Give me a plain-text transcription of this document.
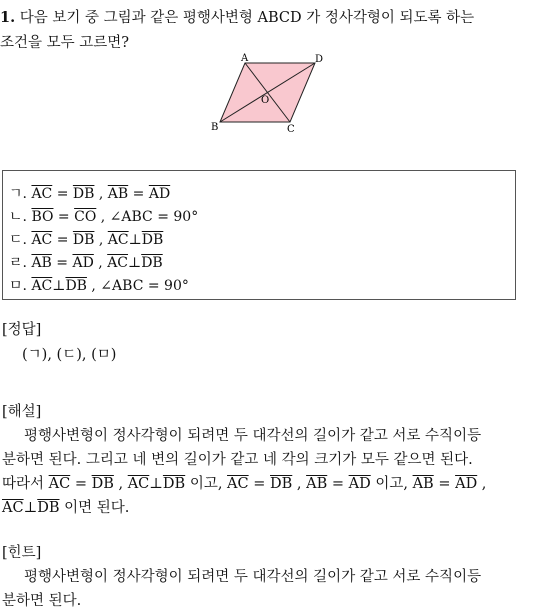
1. 다음 보기 중 그림과 같은 평행사변형 ABCD 가 정사각형이 되도록 하는
조건을 모두 고르면?
A	D
B	C
O
ㄱ. $\overline{AC} = \overline{DB}$ , $\overline{AB} = \overline{AD}$
ㄴ. $\overline{BO} = \overline{CO}$ , ∠ABC = 90°
ㄷ. $\overline{AC} = \overline{DB}$ , $\overline{AC}\perp\overline{DB}$
ㄹ. $\overline{AB} = \overline{AD}$ , $\overline{AC}\perp\overline{DB}$
ㅁ. $\overline{AC}\perp\overline{DB}$ , ∠ABC = 90°
[정답]
(ㄱ), (ㄷ), (ㅁ)
[해설]
평행사변형이 정사각형이 되려면 두 대각선의 길이가 같고 서로 수직이등
분하면 된다. 그리고 네 변의 길이가 같고 네 각의 크기가 모두 같으면 된다.
따라서 $\overline{AC} = \overline{DB}$ , $\overline{AC}\perp\overline{DB}$ 이고, $\overline{AC} = \overline{DB}$ , $\overline{AB} = \overline{AD}$ 이고, $\overline{AB} = \overline{AD}$ ,
$\overline{AC}\perp\overline{DB}$ 이면 된다.
[힌트]
평행사변형이 정사각형이 되려면 두 대각선의 길이가 같고 서로 수직이등
분하면 된다.
